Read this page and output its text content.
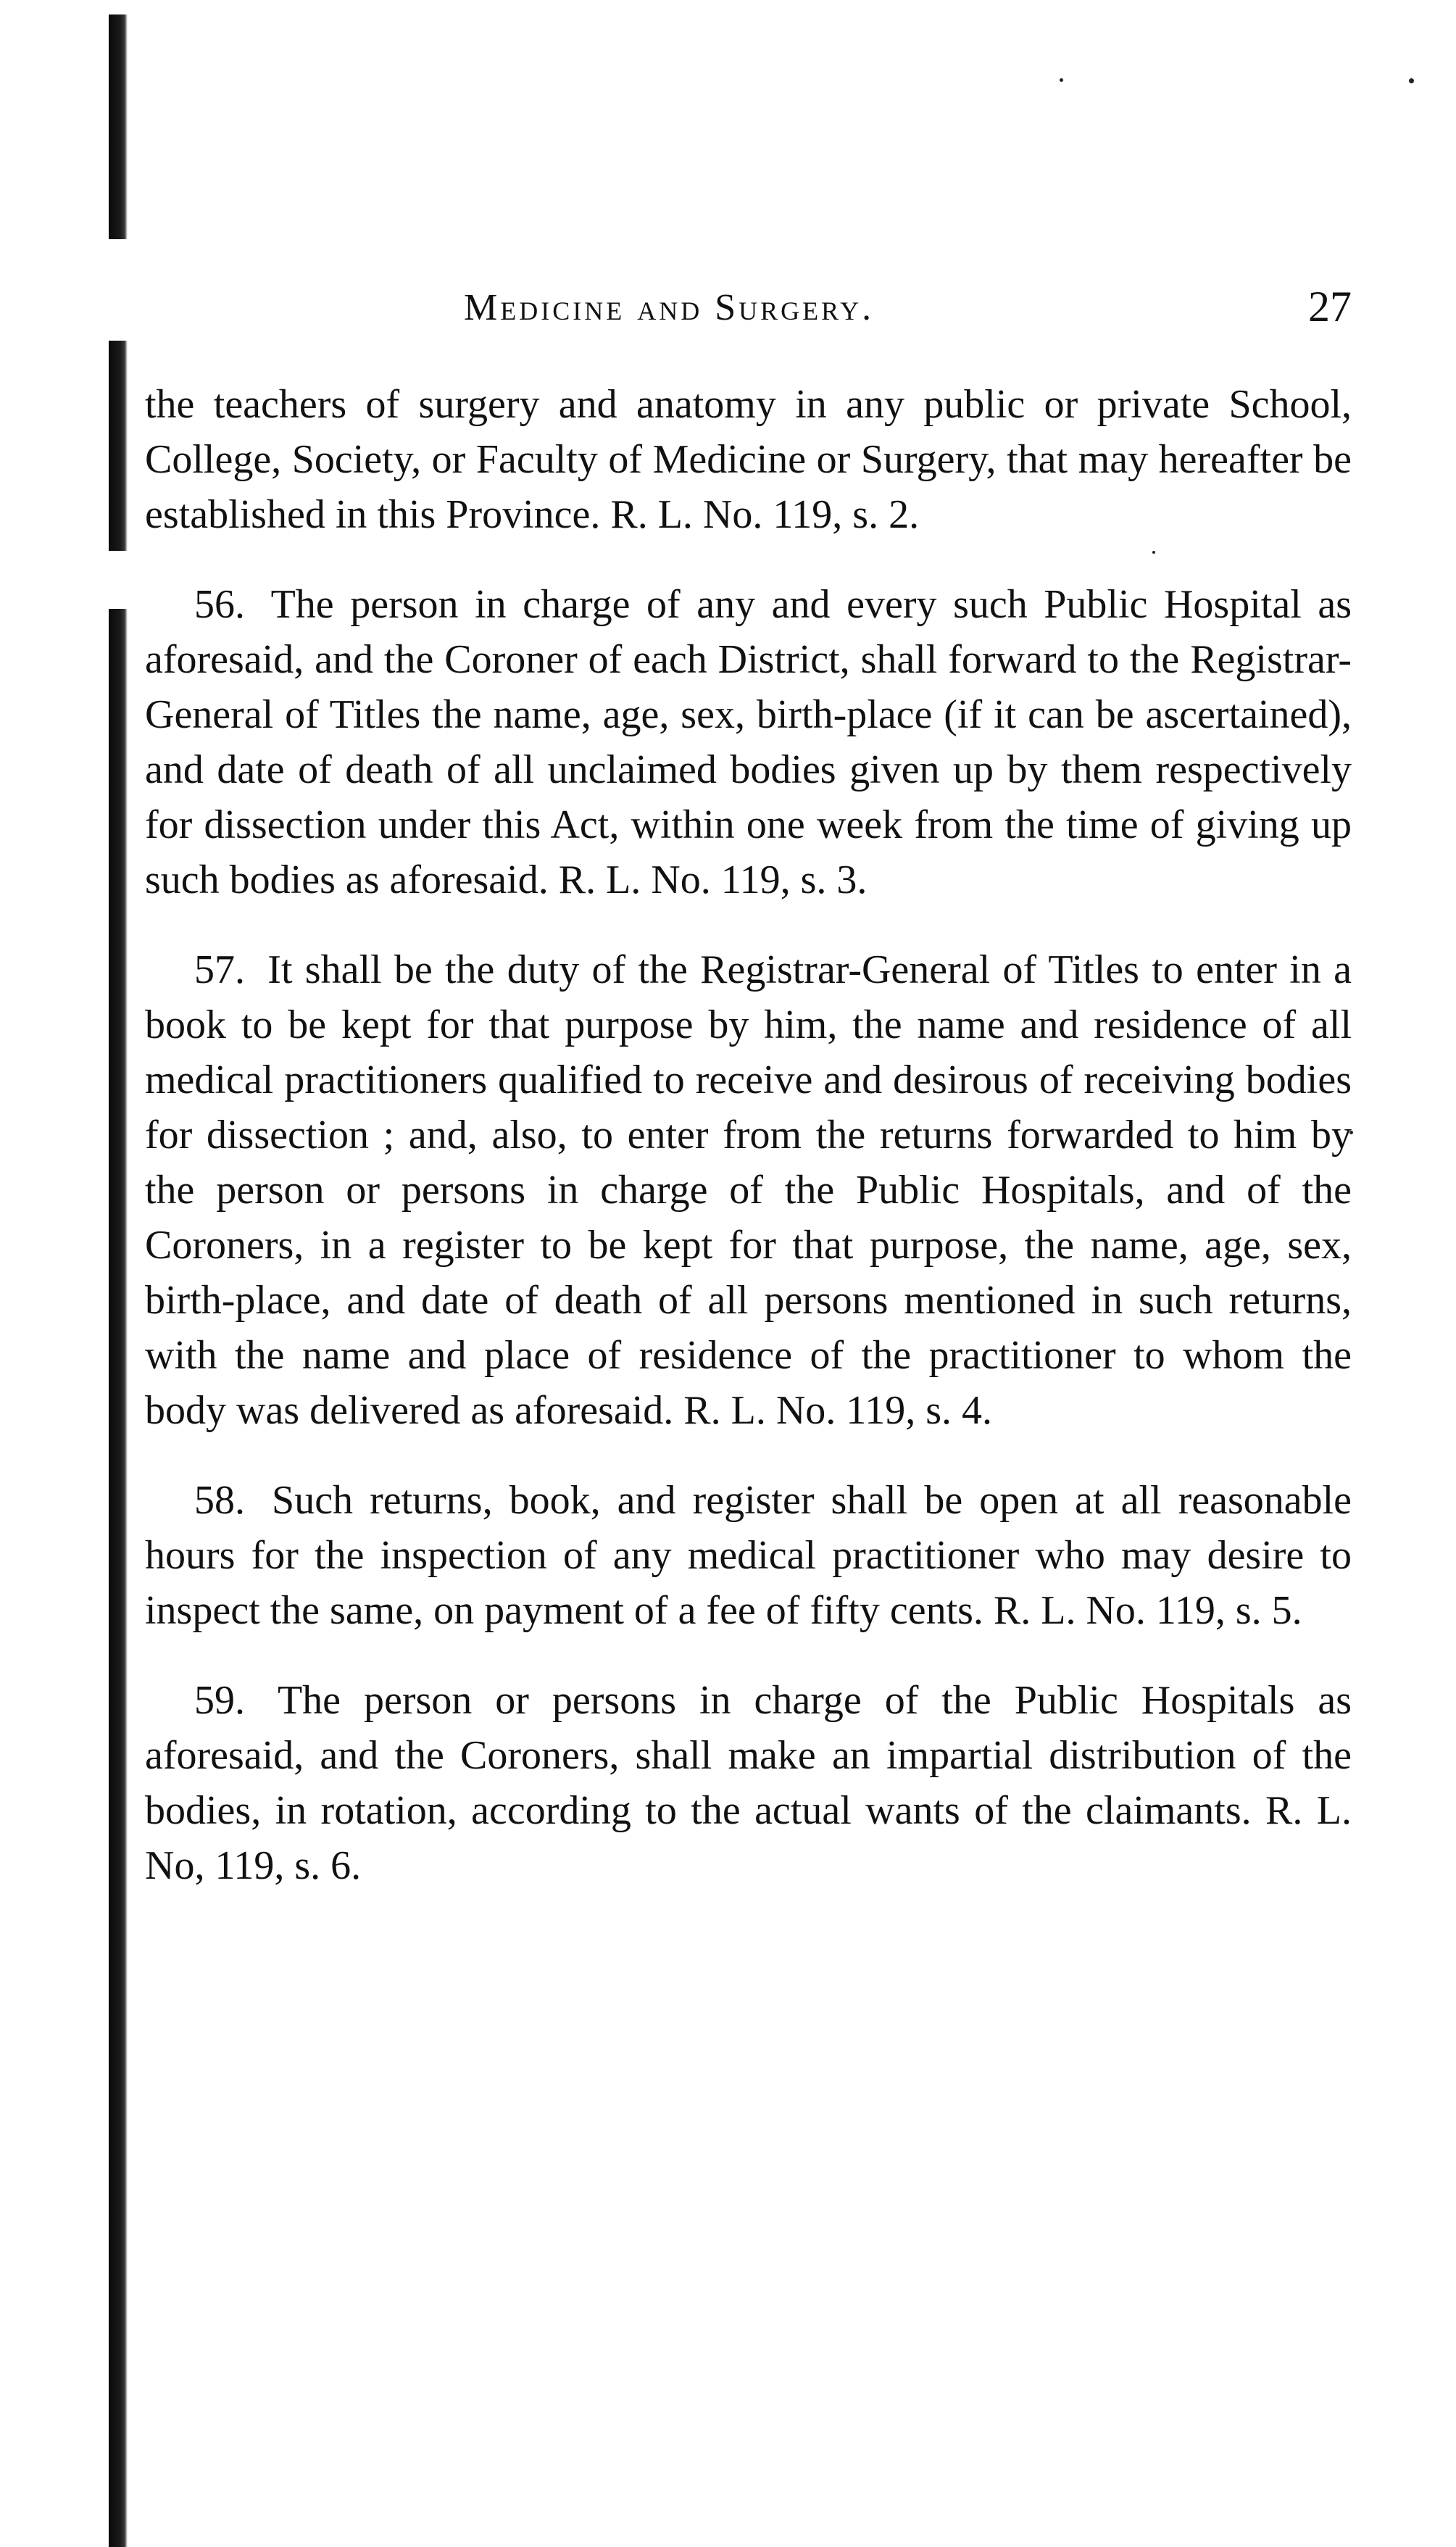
Medicine and Surgery.	27

the teachers of surgery and anatomy in any public or private School, College, Society, or Faculty of Medicine or Surgery, that may hereafter be established in this Province. R. L. No. 119, s. 2.

56. The person in charge of any and every such Public Hospital as aforesaid, and the Coroner of each District, shall forward to the Registrar-General of Titles the name, age, sex, birth-place (if it can be ascertained), and date of death of all unclaimed bodies given up by them respectively for dissection under this Act, within one week from the time of giving up such bodies as aforesaid. R. L. No. 119, s. 3.

57. It shall be the duty of the Registrar-General of Titles to enter in a book to be kept for that purpose by him, the name and residence of all medical practitioners qualified to receive and desirous of receiving bodies for dissection ; and, also, to enter from the returns forwarded to him by the person or persons in charge of the Public Hospitals, and of the Coroners, in a register to be kept for that purpose, the name, age, sex, birth-place, and date of death of all persons mentioned in such returns, with the name and place of residence of the practitioner to whom the body was delivered as aforesaid. R. L. No. 119, s. 4.

58. Such returns, book, and register shall be open at all reasonable hours for the inspection of any medical practitioner who may desire to inspect the same, on payment of a fee of fifty cents. R. L. No. 119, s. 5.

59. The person or persons in charge of the Public Hospitals as aforesaid, and the Coroners, shall make an impartial distribution of the bodies, in rotation, according to the actual wants of the claimants. R. L. No, 119, s. 6.
